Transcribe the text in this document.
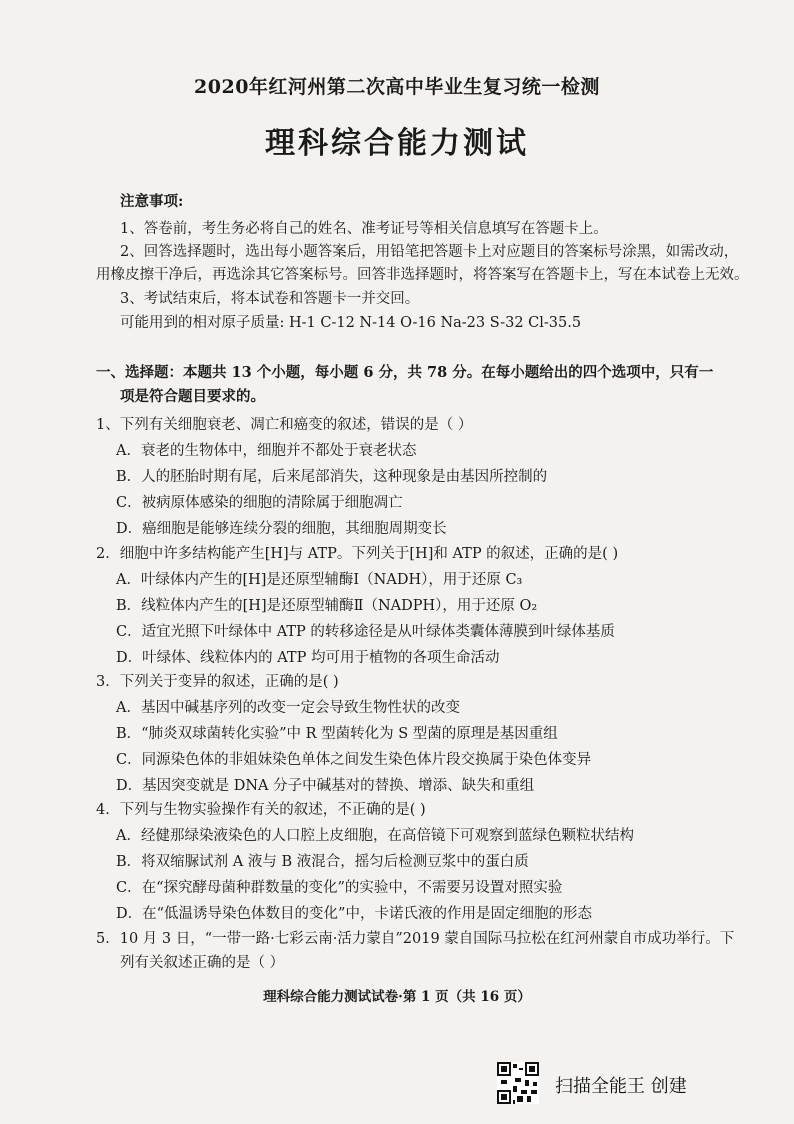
2020年红河州第二次高中毕业生复习统一检测
理科综合能力测试
注意事项:
1、答卷前，考生务必将自己的姓名、准考证号等相关信息填写在答题卡上。
2、回答选择题时，选出每小题答案后，用铅笔把答题卡上对应题目的答案标号涂黑，如需改动，
用橡皮擦干净后，再选涂其它答案标号。回答非选择题时，将答案写在答题卡上，写在本试卷上无效。
3、考试结束后，将本试卷和答题卡一并交回。
可能用到的相对原子质量: H-1 C-12 N-14 O-16 Na-23 S-32 Cl-35.5
一、选择题：本题共 13 个小题，每小题 6 分，共 78 分。在每小题给出的四个选项中，只有一
项是符合题目要求的。
1、下列有关细胞衰老、凋亡和癌变的叙述，错误的是（ ）
A．衰老的生物体中，细胞并不都处于衰老状态
B．人的胚胎时期有尾，后来尾部消失，这种现象是由基因所控制的
C．被病原体感染的细胞的清除属于细胞凋亡
D．癌细胞是能够连续分裂的细胞，其细胞周期变长
2．细胞中许多结构能产生[H]与 ATP。下列关于[H]和 ATP 的叙述，正确的是( )
A．叶绿体内产生的[H]是还原型辅酶Ⅰ（NADH），用于还原 C₃
B．线粒体内产生的[H]是还原型辅酶Ⅱ（NADPH），用于还原 O₂
C．适宜光照下叶绿体中 ATP 的转移途径是从叶绿体类囊体薄膜到叶绿体基质
D．叶绿体、线粒体内的 ATP 均可用于植物的各项生命活动
3．下列关于变异的叙述，正确的是( )
A．基因中碱基序列的改变一定会导致生物性状的改变
B．“肺炎双球菌转化实验”中 R 型菌转化为 S 型菌的原理是基因重组
C．同源染色体的非姐妹染色单体之间发生染色体片段交换属于染色体变异
D．基因突变就是 DNA 分子中碱基对的替换、增添、缺失和重组
4．下列与生物实验操作有关的叙述，不正确的是( )
A．经健那绿染液染色的人口腔上皮细胞，在高倍镜下可观察到蓝绿色颗粒状结构
B．将双缩脲试剂 A 液与 B 液混合，摇匀后检测豆浆中的蛋白质
C．在“探究酵母菌种群数量的变化”的实验中，不需要另设置对照实验
D．在“低温诱导染色体数目的变化”中，卡诺氏液的作用是固定细胞的形态
5．10 月 3 日，“一带一路·七彩云南·活力蒙自”2019 蒙自国际马拉松在红河州蒙自市成功举行。下
列有关叙述正确的是（ ）
理科综合能力测试试卷·第 1 页（共 16 页）
扫描全能王 创建
